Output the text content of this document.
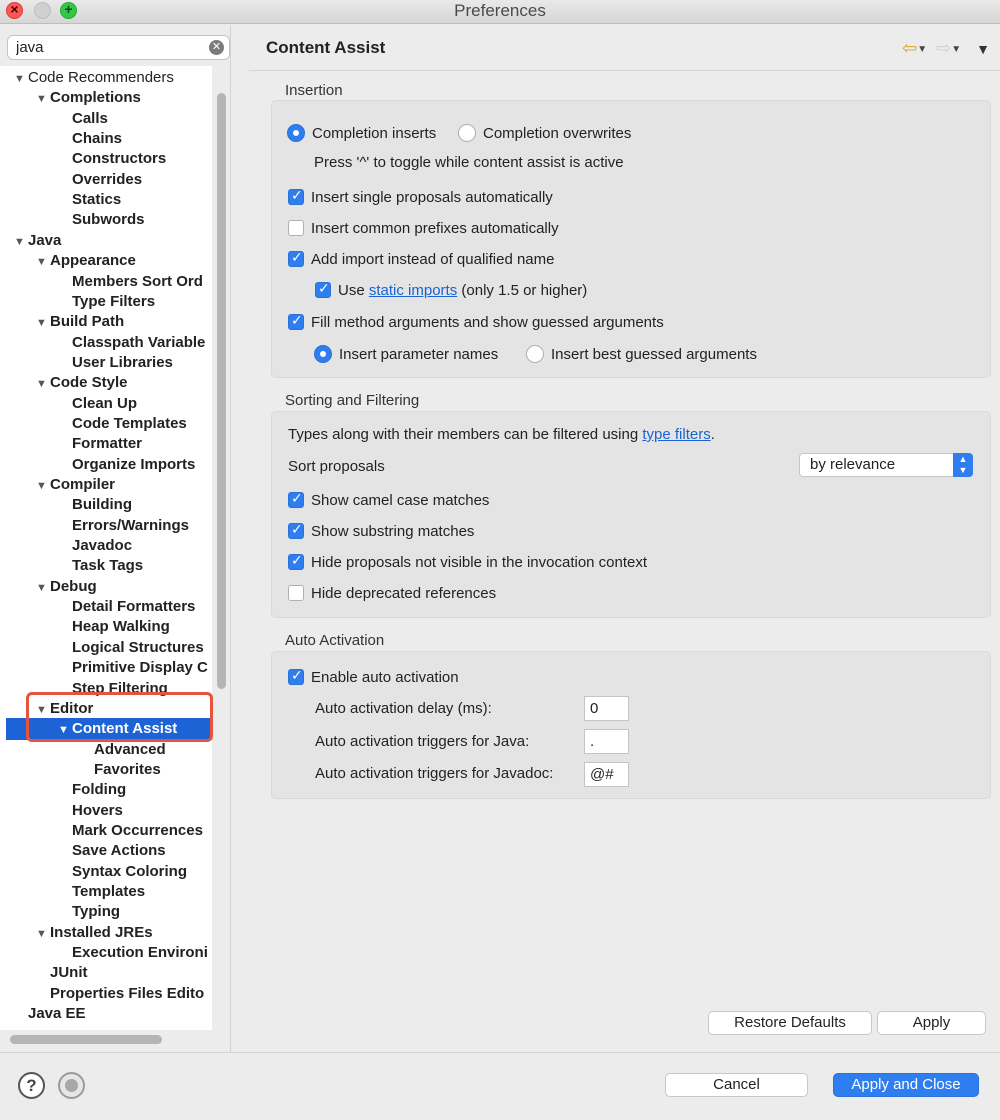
×	+	Preferences
java
✕
▼ Code Recommenders
▼ Completions
Calls
Chains
Constructors
Overrides
Statics
Subwords
▼ Java
▼ Appearance
Members Sort Ord
Type Filters
▼ Build Path
Classpath Variable
User Libraries
▼ Code Style
Clean Up
Code Templates
Formatter
Organize Imports
▼ Compiler
Building
Errors/Warnings
Javadoc
Task Tags
▼ Debug
Detail Formatters
Heap Walking
Logical Structures
Primitive Display C
Step Filtering
▼ Editor
▼ Content Assist
Advanced
Favorites
Folding
Hovers
Mark Occurrences
Save Actions
Syntax Coloring
Templates
Typing
▼ Installed JREs
Execution Environi
JUnit
Properties Files Edito
Java EE
Content Assist	⇦▼ ⇨▼ ▼
Insertion
Completion inserts	Completion overwrites
Press '^' to toggle while content assist is active
✓Insert single proposals automatically
Insert common prefixes automatically
✓Add import instead of qualified name
✓Use static imports (only 1.5 or higher)
✓Fill method arguments and show guessed arguments
Insert parameter names	Insert best guessed arguments
Sorting and Filtering
Types along with their members can be filtered using type filters.
Sort proposals
✓Show camel case matches
✓Show substring matches
✓Hide proposals not visible in the invocation context
Hide deprecated references
by relevance	▲
▼
Auto Activation
✓Enable auto activation
Auto activation delay (ms):	0
Auto activation triggers for Java:	.
Auto activation triggers for Javadoc:	@#
Restore Defaults	Apply
?	Cancel	Apply and Close
